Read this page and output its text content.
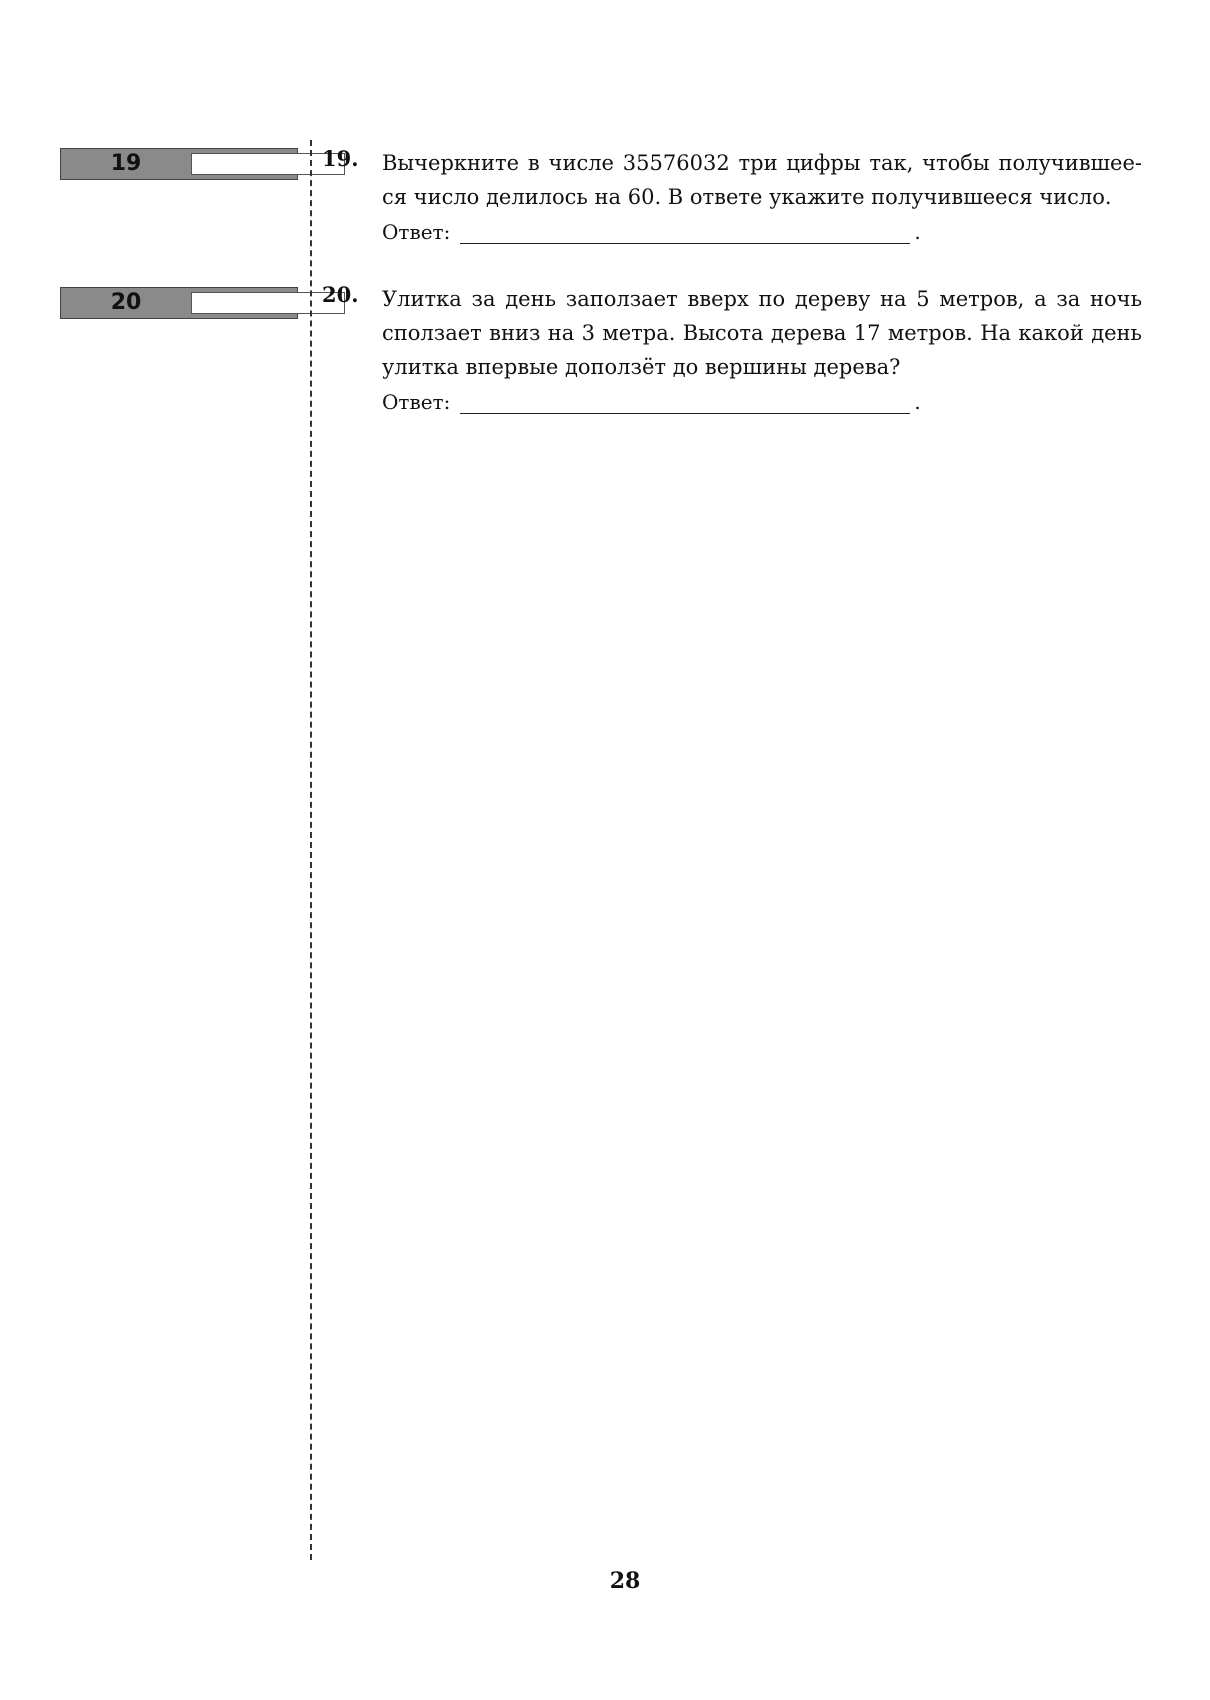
19
20
19. Вычеркните в числе 35576032 три цифры так, чтобы получившее-ся число делилось на 60. В ответе укажите получившееся число.

Ответ:	.
20. Улитка за день заползает вверх по дереву на 5 метров, а за ночь сползает вниз на 3 метра. Высота дерева 17 метров. На какой день улитка впервые доползёт до вершины дерева?

Ответ:	.
28
